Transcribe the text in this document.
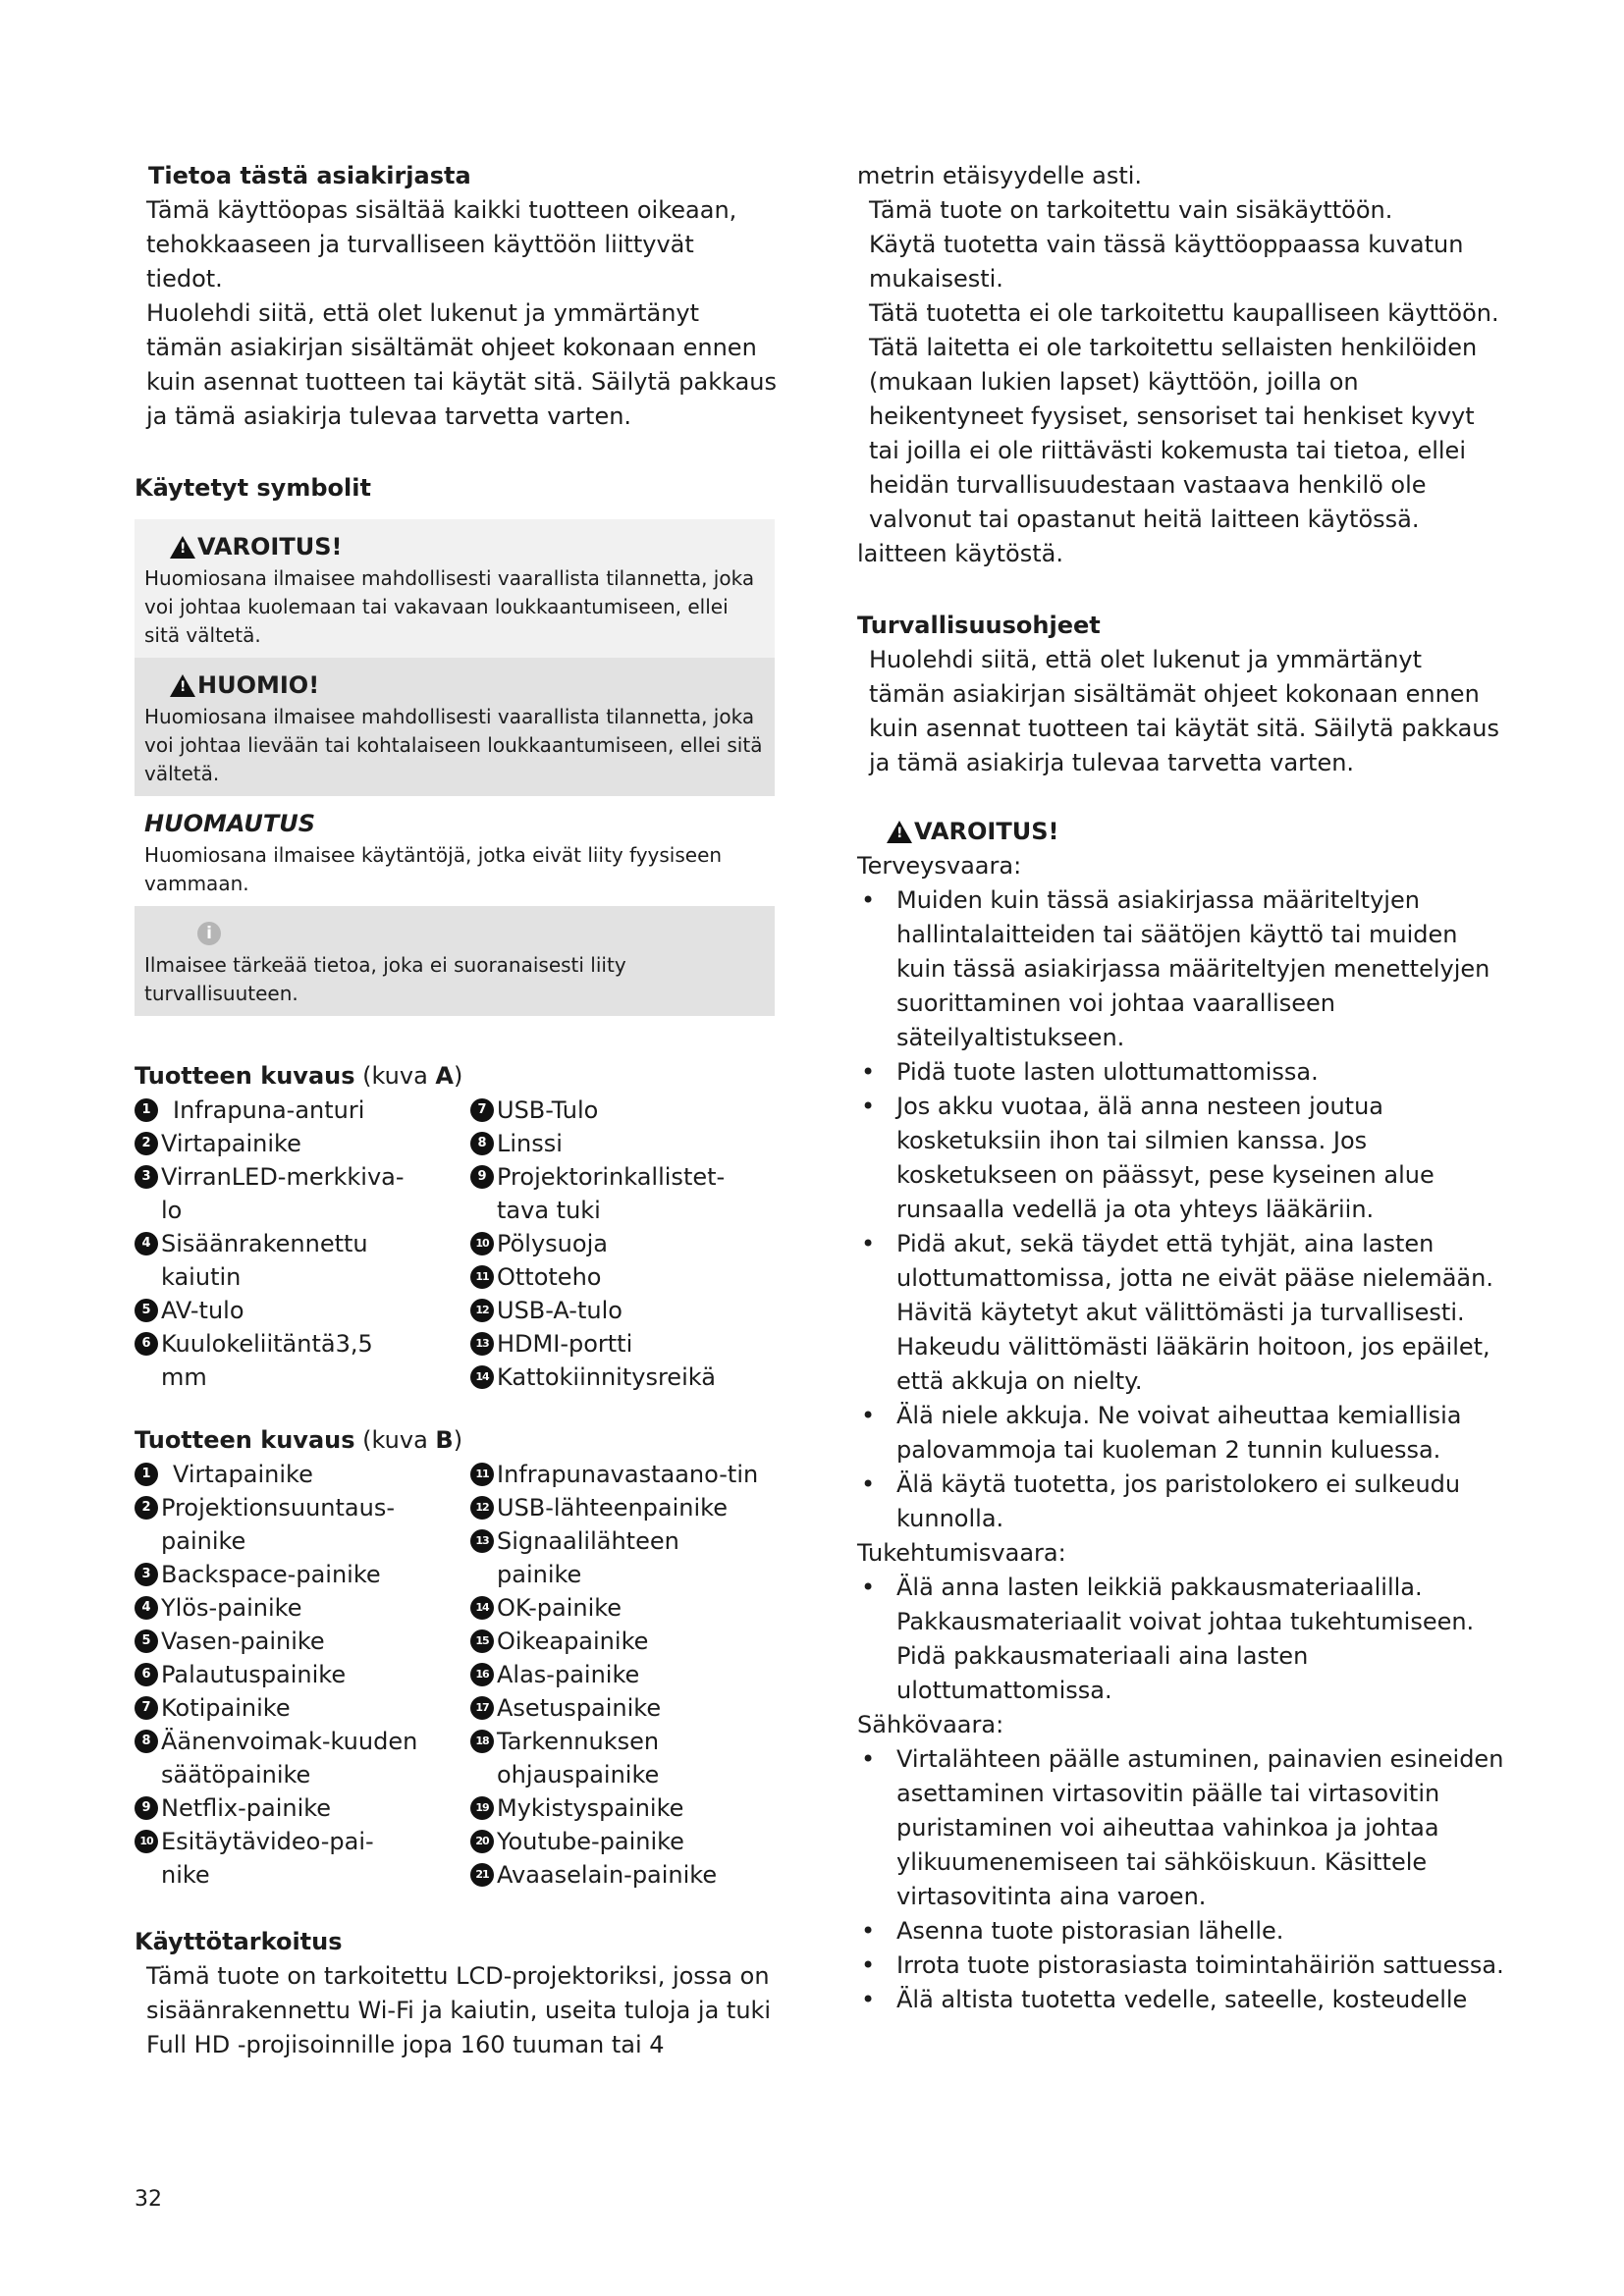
Tietoa tästä asiakirjasta

Tämä käyttöopas sisältää kaikki tuotteen oikeaan, tehokkaaseen ja turvalliseen käyttöön liittyvät tiedot.

Huolehdi siitä, että olet lukenut ja ymmärtänyt tämän asiakirjan sisältämät ohjeet kokonaan ennen kuin asennat tuotteen tai käytät sitä. Säilytä pakkaus ja tämä asiakirja tulevaa tarvetta varten.

Käytetyt symbolit

!
VAROITUS!

Huomiosana ilmaisee mahdollisesti vaarallista tilannetta, joka voi johtaa kuolemaan tai vakavaan loukkaantumiseen, ellei sitä vältetä.

!
HUOMIO!

Huomiosana ilmaisee mahdollisesti vaarallista tilannetta, joka voi johtaa lievään tai kohtalaiseen loukkaantumiseen, ellei sitä vältetä.

HUOMAUTUS

Huomiosana ilmaisee käytäntöjä, jotka eivät liity fyysiseen vammaan.

i

Ilmaisee tärkeää tietoa, joka ei suoranaisesti liity turvallisuuteen.

Tuotteen kuvaus (kuva A)

1 Infrapuna-anturi
2 Virtapainike
3 VirranLED-merkkiva-lo
4 Sisäänrakennettu kaiutin
5 AV-tulo
6 Kuulokeliitäntä3,5 mm
7 USB-Tulo
8 Linssi
9 Projektorinkallistet-tava tuki
10 Pölysuoja
11 Ottoteho
12 USB-A-tulo
13 HDMI-portti
14 Kattokiinnitysreikä

Tuotteen kuvaus (kuva B)

1 Virtapainike
2 Projektionsuuntaus-painike
3 Backspace-painike
4 Ylös-painike
5 Vasen-painike
6 Palautuspainike
7 Kotipainike
8 Äänenvoimak-kuuden säätöpainike
9 Netflix-painike
10 Esitäytävideo-pai-nike
11 Infrapunavastaano-tin
12 USB-lähteenpainike
13 Signaalilähteen painike
14 OK-painike
15 Oikeapainike
16 Alas-painike
17 Asetuspainike
18 Tarkennuksen ohjauspainike
19 Mykistyspainike
20 Youtube-painike
21 Avaaselain-painike

Käyttötarkoitus

Tämä tuote on tarkoitettu LCD-projektoriksi, jossa on sisäänrakennettu Wi-Fi ja kaiutin, useita tuloja ja tuki Full HD -projisoinnille jopa 160 tuuman tai 4

metrin etäisyydelle asti.

Tämä tuote on tarkoitettu vain sisäkäyttöön.

Käytä tuotetta vain tässä käyttöoppaassa kuvatun mukaisesti.

Tätä tuotetta ei ole tarkoitettu kaupalliseen käyttöön.

Tätä laitetta ei ole tarkoitettu sellaisten henkilöiden (mukaan lukien lapset) käyttöön, joilla on heikentyneet fyysiset, sensoriset tai henkiset kyvyt tai joilla ei ole riittävästi kokemusta tai tietoa, ellei heidän turvallisuudestaan vastaava henkilö ole valvonut tai opastanut heitä laitteen käytössä.

laitteen käytöstä.

Turvallisuusohjeet

Huolehdi siitä, että olet lukenut ja ymmärtänyt tämän asiakirjan sisältämät ohjeet kokonaan ennen kuin asennat tuotteen tai käytät sitä. Säilytä pakkaus ja tämä asiakirja tulevaa tarvetta varten.

!
VAROITUS!

Terveysvaara:

• Muiden kuin tässä asiakirjassa määriteltyjen hallintalaitteiden tai säätöjen käyttö tai muiden kuin tässä asiakirjassa määriteltyjen menettelyjen suorittaminen voi johtaa vaaralliseen säteilyaltistukseen.
• Pidä tuote lasten ulottumattomissa.
• Jos akku vuotaa, älä anna nesteen joutua kosketuksiin ihon tai silmien kanssa. Jos kosketukseen on päässyt, pese kyseinen alue runsaalla vedellä ja ota yhteys lääkäriin.
• Pidä akut, sekä täydet että tyhjät, aina lasten ulottumattomissa, jotta ne eivät pääse nielemään. Hävitä käytetyt akut välittömästi ja turvallisesti. Hakeudu välittömästi lääkärin hoitoon, jos epäilet, että akkuja on nielty.
• Älä niele akkuja. Ne voivat aiheuttaa kemiallisia palovammoja tai kuoleman 2 tunnin kuluessa.
• Älä käytä tuotetta, jos paristolokero ei sulkeudu kunnolla.

Tukehtumisvaara:

• Älä anna lasten leikkiä pakkausmateriaalilla. Pakkausmateriaalit voivat johtaa tukehtumiseen. Pidä pakkausmateriaali aina lasten ulottumattomissa.

Sähkövaara:

• Virtalähteen päälle astuminen, painavien esineiden asettaminen virtasovitin päälle tai virtasovitin puristaminen voi aiheuttaa vahinkoa ja johtaa ylikuumenemiseen tai sähköiskuun. Käsittele virtasovitinta aina varoen.
• Asenna tuote pistorasian lähelle.
• Irrota tuote pistorasiasta toimintahäiriön sattuessa.
• Älä altista tuotetta vedelle, sateelle, kosteudelle
32
